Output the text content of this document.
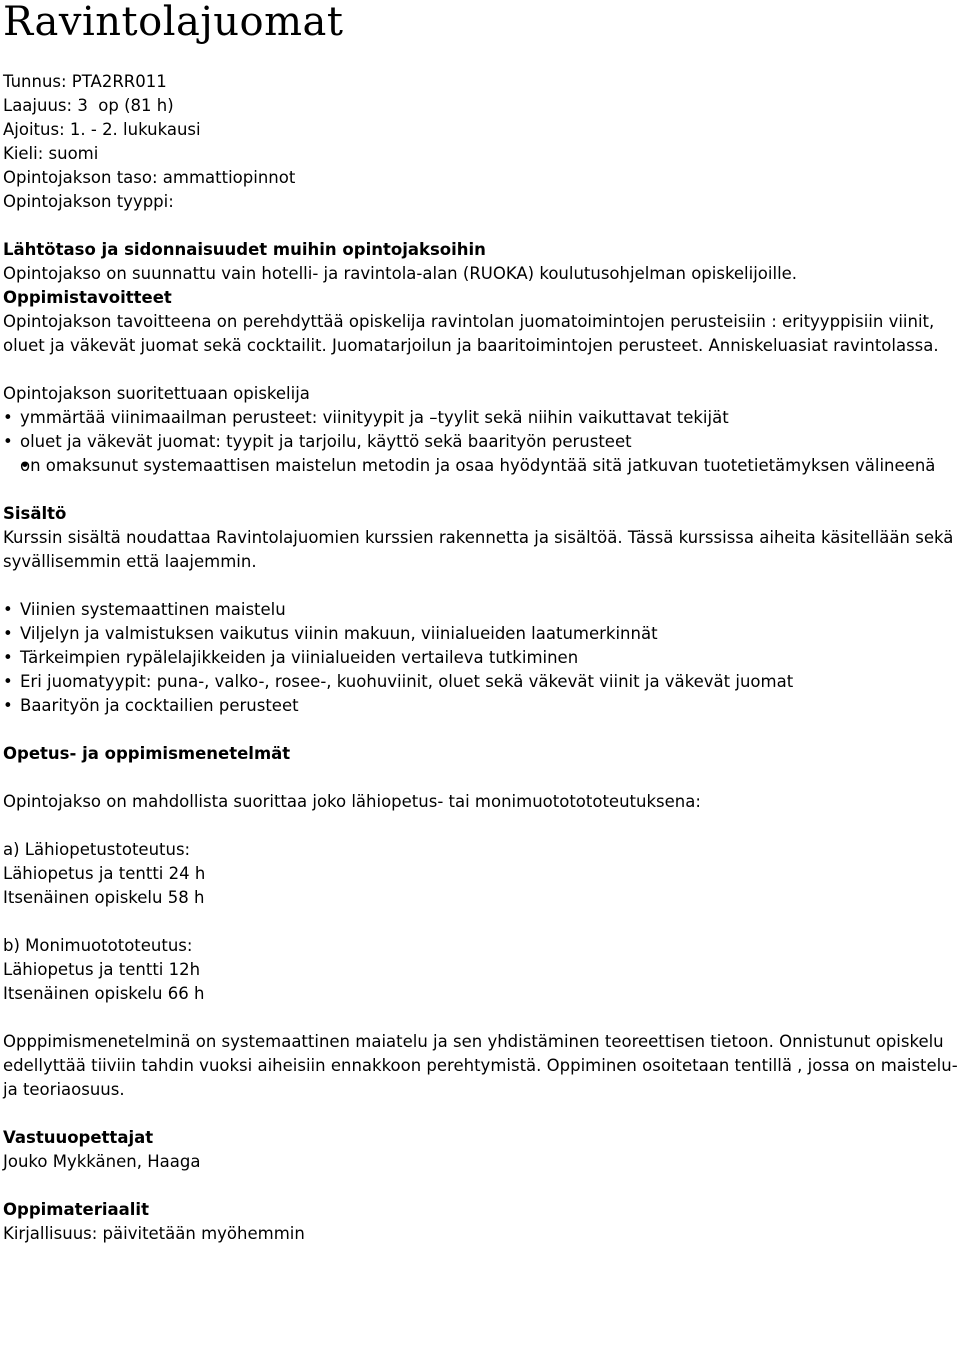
Ravintolajuomat
Tunnus: PTA2RR011
Laajuus: 3  op (81 h)
Ajoitus: 1. - 2. lukukausi
Kieli: suomi
Opintojakson taso: ammattiopinnot
Opintojakson tyyppi:
Lähtötaso ja sidonnaisuudet muihin opintojaksoihin

Opintojakso on suunnattu vain hotelli- ja ravintola-alan (RUOKA) koulutusohjelman opiskelijoille.

Oppimistavoitteet

Opintojakson tavoitteena on perehdyttää opiskelija ravintolan juomatoimintojen perusteisiin : erityyppisiin viinit, oluet ja väkevät juomat sekä cocktailit. Juomatarjoilun ja baaritoimintojen perusteet. Anniskeluasiat ravintolassa.

Opintojakson suoritettuaan opiskelija

• ymmärtää viinimaailman perusteet: viinityypit ja –tyylit sekä niihin vaikuttavat tekijät
• oluet ja väkevät juomat: tyypit ja tarjoilu, käyttö sekä baarityön perusteet
• on omaksunut systemaattisen maistelun metodin ja osaa hyödyntää sitä jatkuvan tuotetietämyksen välineenä
Sisältö

Kurssin sisältä noudattaa Ravintolajuomien kurssien rakennetta ja sisältöä. Tässä kurssissa aiheita käsitellään sekä syvällisemmin että laajemmin.

• Viinien systemaattinen maistelu
• Viljelyn ja valmistuksen vaikutus viinin makuun, viinialueiden laatumerkinnät
• Tärkeimpien rypälelajikkeiden ja viinialueiden vertaileva tutkiminen
• Eri juomatyypit: puna-, valko-, rosee-, kuohuviinit, oluet sekä väkevät viinit ja väkevät juomat
• Baarityön ja cocktailien perusteet
Opetus- ja oppimismenetelmät

Opintojakso on mahdollista suorittaa joko lähiopetus- tai monimuototototeutuksena:

a) Lähiopetustoteutus:
Lähiopetus ja tentti 24 h
Itsenäinen opiskelu 58 h
b) Monimuotototeutus:
Lähiopetus ja tentti 12h
Itsenäinen opiskelu 66 h

Opppimismenetelminä on systemaattinen maiatelu ja sen yhdistäminen teoreettisen tietoon. Onnistunut opiskelu edellyttää tiiviin tahdin vuoksi aiheisiin ennakkoon perehtymistä. Oppiminen osoitetaan tentillä , jossa on maistelu- ja teoriaosuus.

Vastuuopettajat

Jouko Mykkänen, Haaga

Oppimateriaalit

Kirjallisuus: päivitetään myöhemmin
